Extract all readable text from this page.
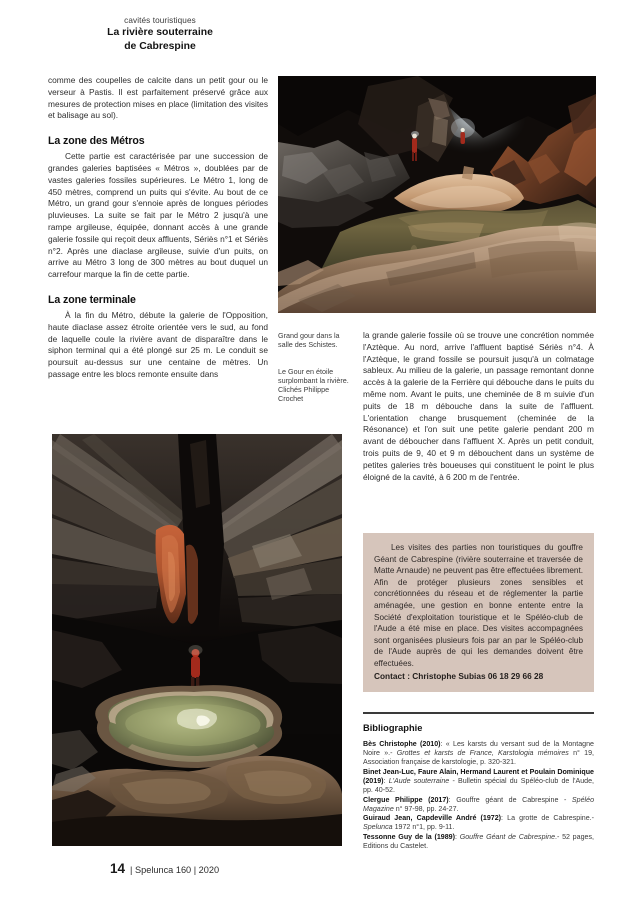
cavités touristiques
La rivière souterraine
de Cabrespine

comme des coupelles de calcite dans un petit gour ou le verseur à Pastis. Il est parfaitement préservé grâce aux mesures de protection mises en place (limitation des visites et balisage au sol).

La zone des Métros

Cette partie est caractérisée par une succession de grandes galeries baptisées « Métros », doublées par de vastes galeries fossiles supérieures. Le Métro 1, long de 450 mètres, comprend un puits qui s'évite. Au bout de ce Métro, un grand gour s'ennoie après de longues périodes pluvieuses. La suite se fait par le Métro 2 jusqu'à une rampe argileuse, équipée, donnant accès à une grande galerie fossile qui reçoit deux affluents, Sériès n°1 et Sériès n°2. Après une diaclase argileuse, suivie d'un puits, on arrive au Métro 3 long de 300 mètres au bout duquel un carrefour marque la fin de cette partie.

La zone terminale

À la fin du Métro, débute la galerie de l'Opposition, haute diaclase assez étroite orientée vers le sud, au fond de laquelle coule la rivière avant de disparaître dans le siphon terminal qui a été plongé sur 25 m. Le conduit se poursuit au-dessus sur une centaine de mètres. Un passage entre les blocs remonte ensuite dans

Grand gour dans la salle des Schistes.
Le Gour en étoile surplombant la rivière. Clichés Philippe Crochet

la grande galerie fossile où se trouve une concrétion nommée l'Aztèque. Au nord, arrive l'affluent baptisé Sériès n°4. À l'Aztèque, le grand fossile se poursuit jusqu'à un colmatage sableux. Au milieu de la galerie, un passage remontant donne accès à la galerie de la Ferrière qui débouche dans le puits du même nom. Avant le puits, une cheminée de 8 m suivie d'un puits de 18 m débouche dans la suite de l'affluent. L'orientation change brusquement (cheminée de la Résonance) et l'on suit une petite galerie pendant 200 m avant de déboucher dans l'affluent X. Après un petit conduit, trois puits de 9, 40 et 9 m débouchent dans un système de petites galeries très boueuses qui constituent le point le plus éloigné de la cavité, à 6 200 m de l'entrée.

Les visites des parties non touristiques du gouffre Géant de Cabrespine (rivière souterraine et traversée de Matte Arnaude) ne peuvent pas être effectuées librement. Afin de protéger plusieurs zones sensibles et concrétionnées du réseau et de réglementer la partie aménagée, une gestion en bonne entente entre la Société d'exploitation touristique et le Spéléo-club de l'Aude a été mise en place. Des visites accompagnées sont organisées plusieurs fois par an par le Spéléo-club de l'Aude auprès de qui les demandes doivent être effectuées.

Contact : Christophe Subias 06 18 29 66 28

Bibliographie
Bès Christophe (2010): « Les karsts du versant sud de la Montagne Noire ».- Grottes et karsts de France, Karstologia mémoires n° 19, Association française de karstologie, p. 320-321.
Binet Jean-Luc, Faure Alain, Hermand Laurent et Poulain Dominique (2019): L'Aude souterraine - Bulletin spécial du Spéléo-club de l'Aude, pp. 40-52.
Clergue Philippe (2017): Gouffre géant de Cabrespine - Spéléo Magazine n° 97-98, pp. 24-27.
Guiraud Jean, Capdeville André (1972): La grotte de Cabrespine.- Spelunca 1972 n°1, pp. 9-11.
Tessonne Guy de la (1989): Gouffre Géant de Cabrespine.- 52 pages, Editions du Castelet.
14 | Spelunca 160 | 2020
